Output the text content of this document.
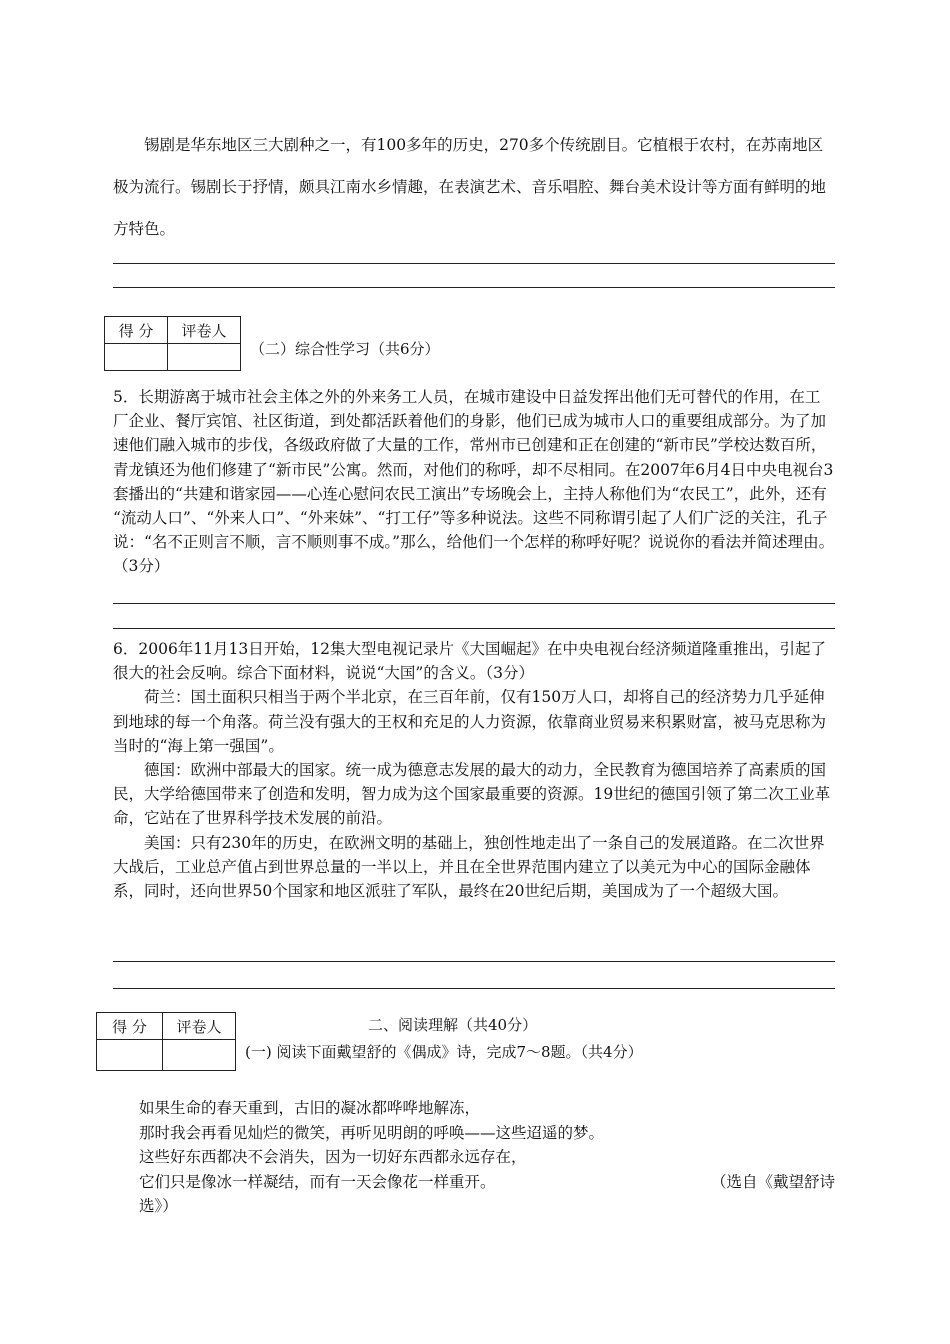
锡剧是华东地区三大剧种之一，有100多年的历史，270多个传统剧目。它植根于农村，在苏南地区极为流行。锡剧长于抒情，颇具江南水乡情趣，在表演艺术、音乐唱腔、舞台美术设计等方面有鲜明的地方特色。
得 分	评卷人

（二）综合性学习（共6分）
5．长期游离于城市社会主体之外的外来务工人员，在城市建设中日益发挥出他们无可替代的作用，在工厂企业、餐厅宾馆、社区街道，到处都活跃着他们的身影，他们已成为城市人口的重要组成部分。为了加速他们融入城市的步伐，各级政府做了大量的工作，常州市已创建和正在创建的“新市民”学校达数百所，青龙镇还为他们修建了“新市民”公寓。然而，对他们的称呼，却不尽相同。在2007年6月4日中央电视台3套播出的“共建和谐家园——心连心慰问农民工演出”专场晚会上，主持人称他们为“农民工”，此外，还有 “流动人口”、“外来人口”、“外来妹”、“打工仔”等多种说法。这些不同称谓引起了人们广泛的关注，孔子说：“名不正则言不顺，言不顺则事不成。”那么，给他们一个怎样的称呼好呢？说说你的看法并简述理由。（3分）
6．2006年11月13日开始，12集大型电视记录片《大国崛起》在中央电视台经济频道隆重推出，引起了很大的社会反响。综合下面材料，说说“大国”的含义。（3分）
荷兰：国土面积只相当于两个半北京，在三百年前，仅有150万人口，却将自己的经济势力几乎延伸到地球的每一个角落。荷兰没有强大的王权和充足的人力资源，依靠商业贸易来积累财富，被马克思称为当时的“海上第一强国”。
德国：欧洲中部最大的国家。统一成为德意志发展的最大的动力，全民教育为德国培养了高素质的国民，大学给德国带来了创造和发明，智力成为这个国家最重要的资源。19世纪的德国引领了第二次工业革命，它站在了世界科学技术发展的前沿。
美国：只有230年的历史，在欧洲文明的基础上，独创性地走出了一条自己的发展道路。在二次世界大战后，工业总产值占到世界总量的一半以上，并且在全世界范围内建立了以美元为中心的国际金融体系，同时，还向世界50个国家和地区派驻了军队，最终在20世纪后期，美国成为了一个超级大国。
得 分	评卷人
		二、阅读理解（共40分）
(一) 阅读下面戴望舒的《偶成》诗，完成7～8题。（共4分）
如果生命的春天重到，古旧的凝冰都哗哗地解冻，
那时我会再看见灿烂的微笑，再听见明朗的呼唤——这些迢遥的梦。
这些好东西都决不会消失，因为一切好东西都永远存在，
它们只是像冰一样凝结，而有一天会像花一样重开。	（选自《戴望舒诗
选》）
